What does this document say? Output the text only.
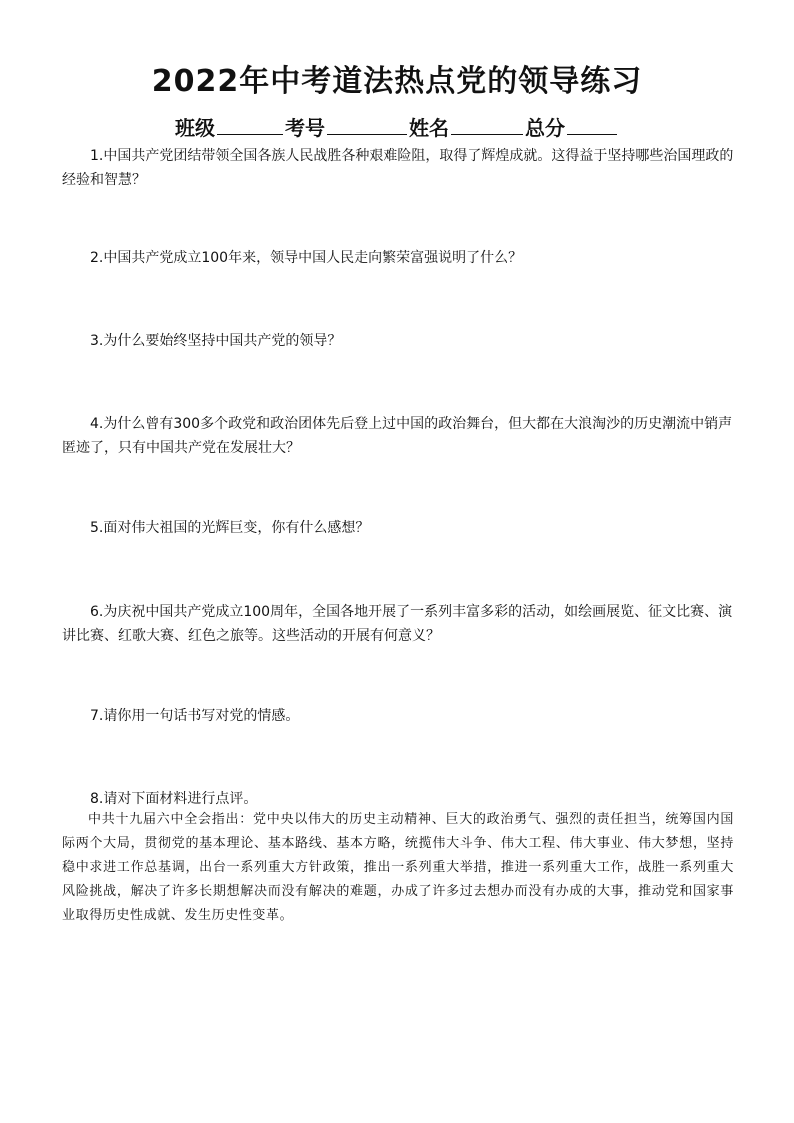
2022年中考道法热点党的领导练习
班级	考号	姓名	总分

1.中国共产党团结带领全国各族人民战胜各种艰难险阻，取得了辉煌成就。这得益于坚持哪些治国理政的经验和智慧？

2.中国共产党成立100年来，领导中国人民走向繁荣富强说明了什么？

3.为什么要始终坚持中国共产党的领导？

4.为什么曾有300多个政党和政治团体先后登上过中国的政治舞台，但大都在大浪淘沙的历史潮流中销声匿迹了，只有中国共产党在发展壮大？

5.面对伟大祖国的光辉巨变，你有什么感想？

6.为庆祝中国共产党成立100周年，全国各地开展了一系列丰富多彩的活动，如绘画展览、征文比赛、演讲比赛、红歌大赛、红色之旅等。这些活动的开展有何意义？

7.请你用一句话书写对党的情感。

8.请对下面材料进行点评。

中共十九届六中全会指出：党中央以伟大的历史主动精神、巨大的政治勇气、强烈的责任担当，统筹国内国际两个大局，贯彻党的基本理论、基本路线、基本方略，统揽伟大斗争、伟大工程、伟大事业、伟大梦想，坚持稳中求进工作总基调，出台一系列重大方针政策，推出一系列重大举措，推进一系列重大工作，战胜一系列重大风险挑战，解决了许多长期想解决而没有解决的难题，办成了许多过去想办而没有办成的大事，推动党和国家事业取得历史性成就、发生历史性变革。
